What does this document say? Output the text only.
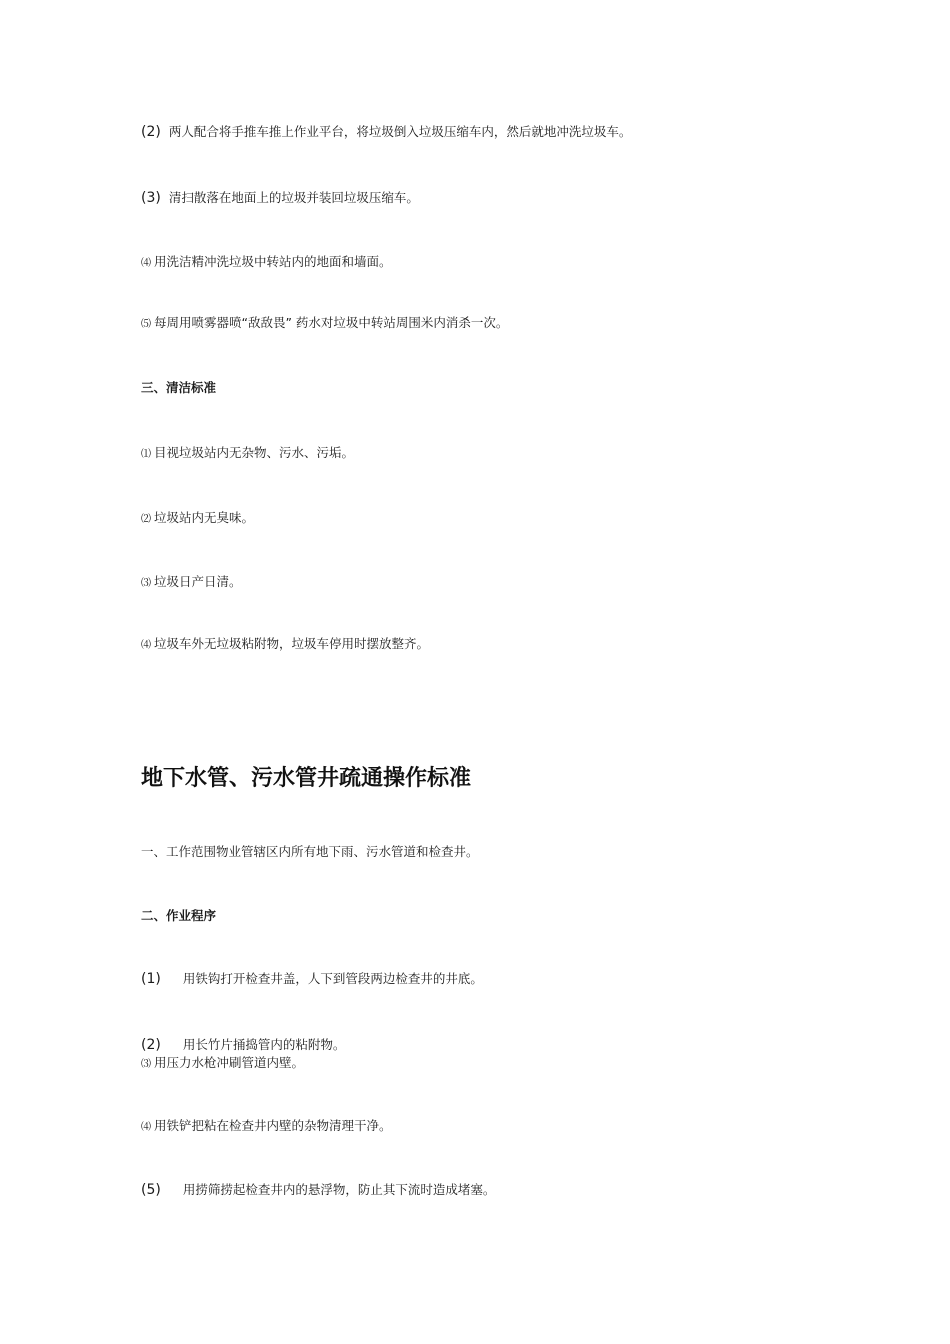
(2) 两人配合将手推车推上作业平台，将垃圾倒入垃圾压缩车内，然后就地冲洗垃圾车。
(3) 清扫散落在地面上的垃圾并装回垃圾压缩车。
⑷ 用洗洁精冲洗垃圾中转站内的地面和墙面。
⑸ 每周用喷雾器喷“敌敌畏” 药水对垃圾中转站周围米内消杀一次。
三、清洁标准
⑴ 目视垃圾站内无杂物、污水、污垢。
⑵ 垃圾站内无臭味。
⑶ 垃圾日产日清。
⑷ 垃圾车外无垃圾粘附物，垃圾车停用时摆放整齐。
地下水管、污水管井疏通操作标准
一、工作范围物业管辖区内所有地下雨、污水管道和检查井。
二、作业程序
(1) 用铁钩打开检查井盖，人下到管段两边检查井的井底。
(2) 用长竹片捅捣管内的粘附物。
⑶ 用压力水枪冲刷管道内壁。
⑷ 用铁铲把粘在检查井内壁的杂物清理干净。
(5) 用捞筛捞起检查井内的悬浮物，防止其下流时造成堵塞。
